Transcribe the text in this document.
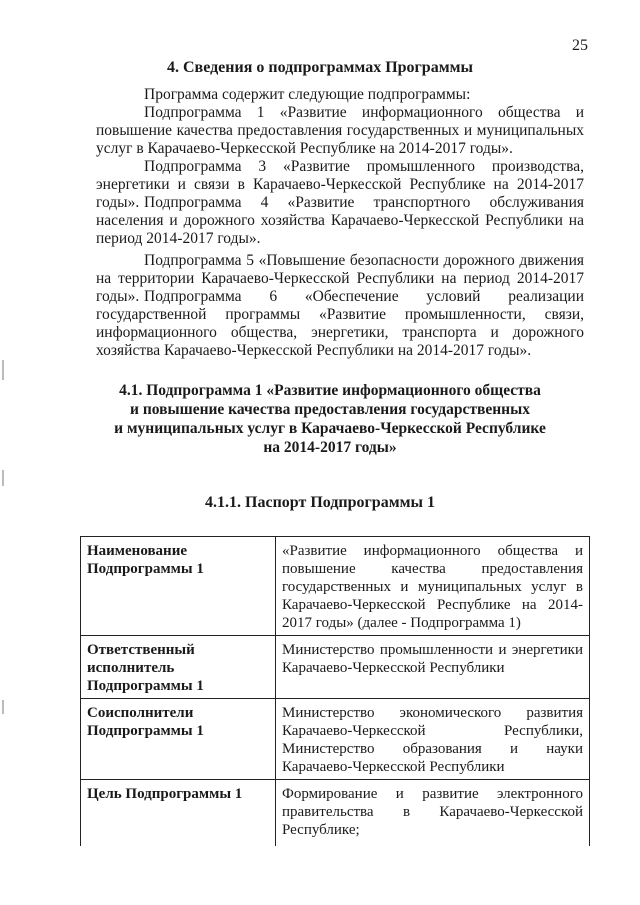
25
4. Сведения о подпрограммах Программы

Программа содержит следующие подпрограммы:

Подпрограмма 1 «Развитие информационного общества и повышение качества предоставления государственных и муниципальных услуг в Карачаево-Черкесской Республике на 2014-2017 годы».

Подпрограмма 3 «Развитие промышленного производства, энергетики и связи в Карачаево-Черкесской Республике на 2014-2017 годы». Подпрограмма 4 «Развитие транспортного обслуживания населения и дорожного хозяйства Карачаево-Черкесской Республики на период 2014-2017 годы».

Подпрограмма 5 «Повышение безопасности дорожного движения на территории Карачаево-Черкесской Республики на период 2014-2017 годы». Подпрограмма 6 «Обеспечение условий реализации государственной программы «Развитие промышленности, связи, информационного общества, энергетики, транспорта и дорожного хозяйства Карачаево-Черкесской Республики на 2014-2017 годы».

4.1. Подпрограмма 1 «Развитие информационного общества
и повышение качества предоставления государственных
и муниципальных услуг в Карачаево-Черкесской Республике
на 2014-2017 годы»
4.1.1. Паспорт Подпрограммы 1
Наименование Подпрограммы 1	«Развитие информационного общества и повышение качества предоставления государственных и муниципальных услуг в Карачаево-Черкесской Республике на 2014-2017 годы» (далее - Подпрограмма 1)
Ответственный исполнитель Подпрограммы 1	Министерство промышленности и энергетики Карачаево-Черкесской Республики
Соисполнители Подпрограммы 1	Министерство экономического развития Карачаево-Черкесской Республики, Министерство образования и науки Карачаево-Черкесской Республики
Цель Подпрограммы 1	Формирование и развитие электронного правительства в Карачаево-Черкесской Республике;
